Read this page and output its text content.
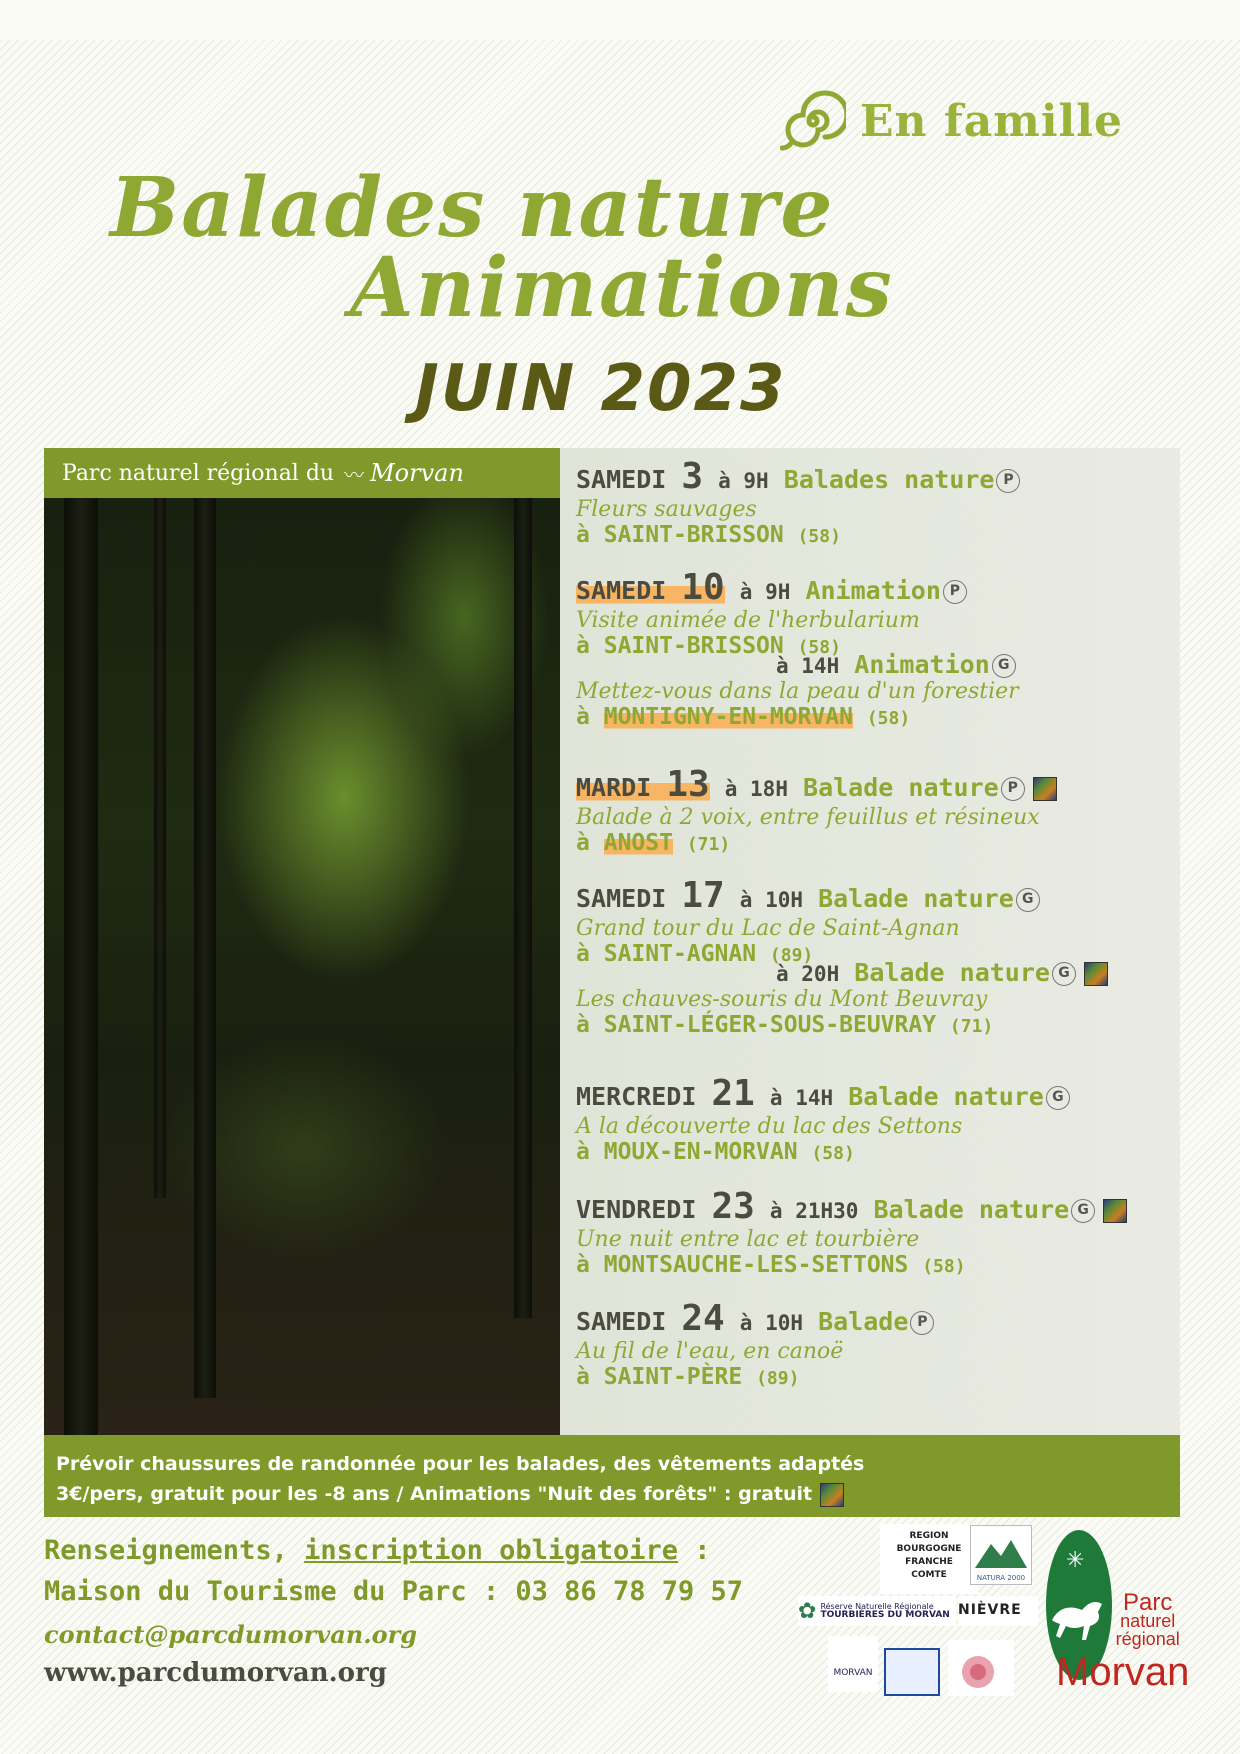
En famille
Balades nature
Animations
JUIN 2023
Parc naturel régional du 〰 Morvan	SAMEDI 3 à 9H Balades nature P
Fleurs sauvages
à SAINT-BRISSON (58)
SAMEDI 10 à 9H Animation P
Visite animée de l'herbularium
à SAINT-BRISSON (58)
à 14H Animation G
Mettez-vous dans la peau d'un forestier
à MONTIGNY-EN-MORVAN (58)
MARDI 13 à 18H Balade nature P
Balade à 2 voix, entre feuillus et résineux
à ANOST (71)
SAMEDI 17 à 10H Balade nature G
Grand tour du Lac de Saint-Agnan
à SAINT-AGNAN (89)
à 20H Balade nature G
Les chauves-souris du Mont Beuvray
à SAINT-LÉGER-SOUS-BEUVRAY (71)
MERCREDI 21 à 14H Balade nature G
A la découverte du lac des Settons
à MOUX-EN-MORVAN (58)
VENDREDI 23 à 21H30 Balade nature G
Une nuit entre lac et tourbière
à MONTSAUCHE-LES-SETTONS (58)
SAMEDI 24 à 10H Balade P
Au fil de l'eau, en canoë
à SAINT-PÈRE (89)
Prévoir chaussures de randonnée pour les balades, des vêtements adaptés
3€/pers, gratuit pour les -8 ans / Animations "Nuit des forêts" : gratuit
Renseignements, inscription obligatoire :
Maison du Tourisme du Parc : 03 86 78 79 57
contact@parcdumorvan.org
www.parcdumorvan.org
REGION
BOURGOGNE
FRANCHE
COMTE	NATURA 2000
✿ Réserve Naturelle Régionale
TOURBIÈRES DU MORVAN NIÈVRE
MORVAN
✳
Parc
naturel
régional
Morvan
